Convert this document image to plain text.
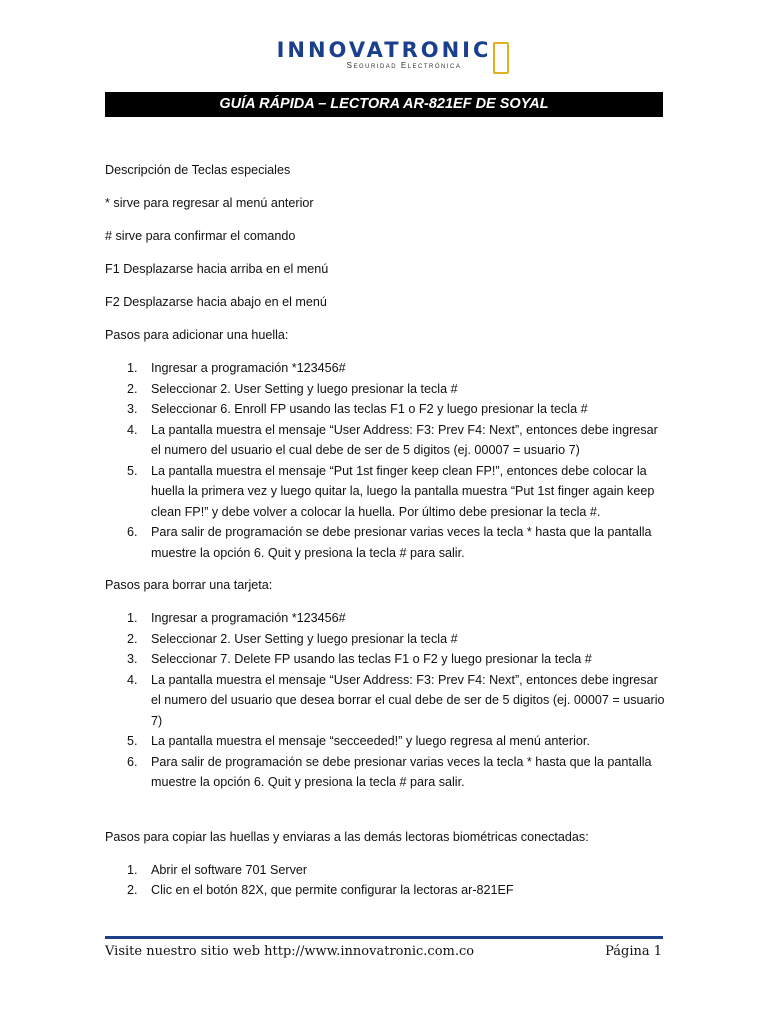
INNOVATRONIC
Seguridad Electrónica
GUÍA RÁPIDA – LECTORA AR-821EF DE SOYAL

Descripción de Teclas especiales

* sirve para regresar al menú anterior

# sirve para confirmar el comando

F1 Desplazarse hacia arriba en el menú

F2 Desplazarse hacia abajo en el menú

Pasos para adicionar una huella:

1. Ingresar a programación *123456#
2. Seleccionar 2. User Setting y luego presionar la tecla #
3. Seleccionar 6. Enroll FP usando las teclas F1 o F2 y luego presionar la tecla #
4. La pantalla muestra el mensaje “User Address: F3: Prev F4: Next”, entonces debe ingresar el numero del usuario el cual debe de ser de 5 digitos (ej. 00007 = usuario 7)
5. La pantalla muestra el mensaje “Put 1st finger keep clean FP!”, entonces debe colocar la huella la primera vez y luego quitar la, luego la pantalla muestra “Put 1st finger again keep clean FP!” y debe volver a colocar la huella. Por último debe presionar la tecla #.
6. Para salir de programación se debe presionar varias veces la tecla * hasta que la pantalla muestre la opción 6. Quit y presiona la tecla # para salir.

Pasos para borrar una tarjeta:

1. Ingresar a programación *123456#
2. Seleccionar 2. User Setting y luego presionar la tecla #
3. Seleccionar 7. Delete FP usando las teclas F1 o F2 y luego presionar la tecla #
4. La pantalla muestra el mensaje “User Address: F3: Prev F4: Next”, entonces debe ingresar el numero del usuario que desea borrar el cual debe de ser de 5 digitos (ej. 00007 = usuario 7)
5. La pantalla muestra el mensaje “secceeded!” y luego regresa al menú anterior.
6. Para salir de programación se debe presionar varias veces la tecla * hasta que la pantalla muestre la opción 6. Quit y presiona la tecla # para salir.

Pasos para copiar las huellas y enviaras a las demás lectoras biométricas conectadas:

1. Abrir el software 701 Server
2. Clic en el botón 82X, que permite configurar la lectoras ar-821EF
Visite nuestro sitio web http://www.innovatronic.com.co	Página 1
